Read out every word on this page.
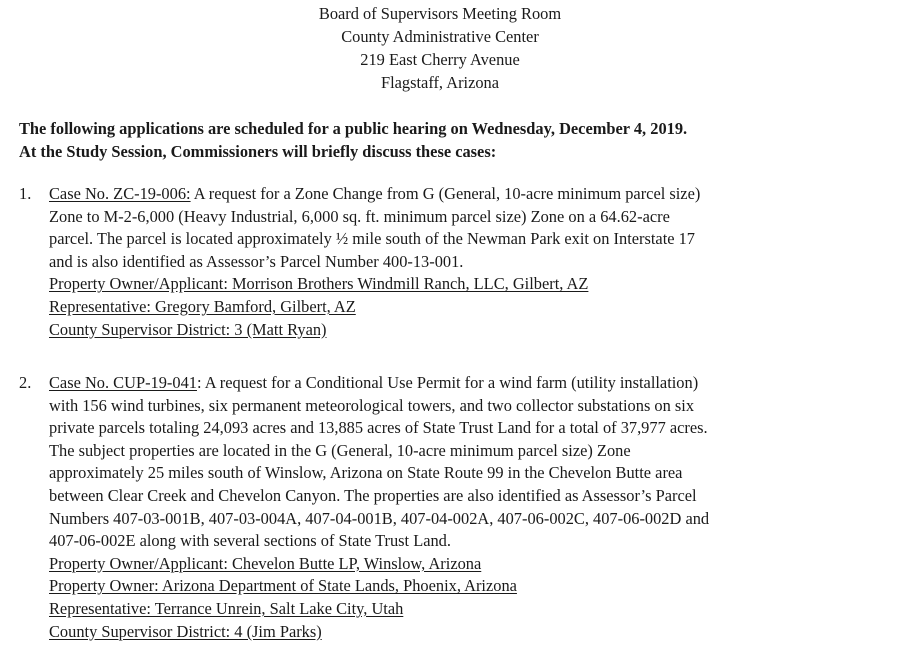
Board of Supervisors Meeting Room
County Administrative Center
219 East Cherry Avenue
Flagstaff, Arizona
The following applications are scheduled for a public hearing on Wednesday, December 4, 2019.
At the Study Session, Commissioners will briefly discuss these cases:
1. Case No. ZC-19-006: A request for a Zone Change from G (General, 10-acre minimum parcel size)
Zone to M-2-6,000 (Heavy Industrial, 6,000 sq. ft. minimum parcel size) Zone on a 64.62-acre
parcel. The parcel is located approximately ½ mile south of the Newman Park exit on Interstate 17
and is also identified as Assessor’s Parcel Number 400-13-001.
Property Owner/Applicant: Morrison Brothers Windmill Ranch, LLC, Gilbert, AZ
Representative: Gregory Bamford, Gilbert, AZ
County Supervisor District: 3 (Matt Ryan)
2. Case No. CUP-19-041: A request for a Conditional Use Permit for a wind farm (utility installation)
with 156 wind turbines, six permanent meteorological towers, and two collector substations on six
private parcels totaling 24,093 acres and 13,885 acres of State Trust Land for a total of 37,977 acres.
The subject properties are located in the G (General, 10-acre minimum parcel size) Zone
approximately 25 miles south of Winslow, Arizona on State Route 99 in the Chevelon Butte area
between Clear Creek and Chevelon Canyon. The properties are also identified as Assessor’s Parcel
Numbers 407-03-001B, 407-03-004A, 407-04-001B, 407-04-002A, 407-06-002C, 407-06-002D and
407-06-002E along with several sections of State Trust Land.
Property Owner/Applicant: Chevelon Butte LP, Winslow, Arizona
Property Owner: Arizona Department of State Lands, Phoenix, Arizona
Representative: Terrance Unrein, Salt Lake City, Utah
County Supervisor District: 4 (Jim Parks)
